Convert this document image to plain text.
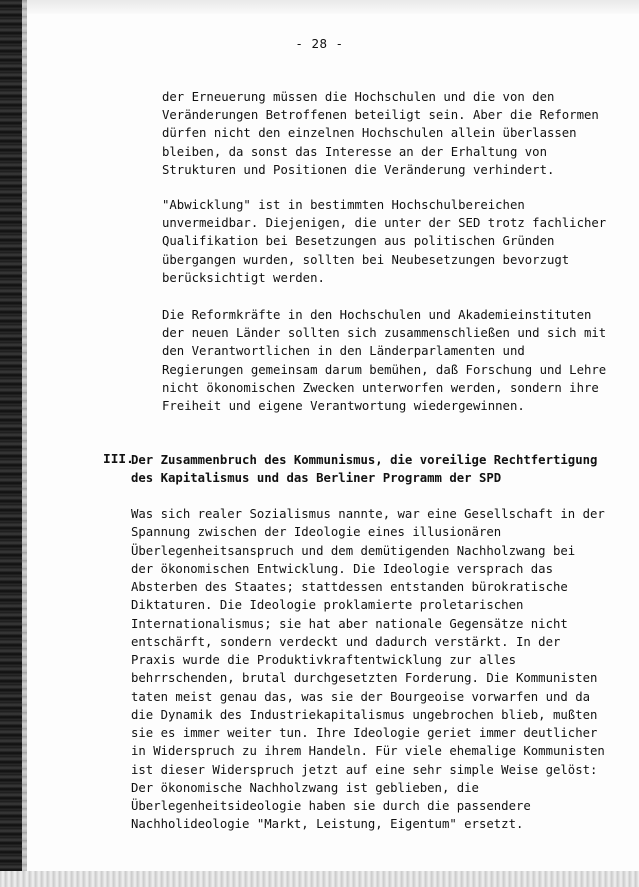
- 28 -
der Erneuerung müssen die Hochschulen und die von den
Veränderungen Betroffenen beteiligt sein. Aber die Reformen
dürfen nicht den einzelnen Hochschulen allein überlassen
bleiben, da sonst das Interesse an der Erhaltung von
Strukturen und Positionen die Veränderung verhindert.
"Abwicklung" ist in bestimmten Hochschulbereichen
unvermeidbar. Diejenigen, die unter der SED trotz fachlicher
Qualifikation bei Besetzungen aus politischen Gründen
übergangen wurden, sollten bei Neubesetzungen bevorzugt
berücksichtigt werden.
Die Reformkräfte in den Hochschulen und Akademieinstituten
der neuen Länder sollten sich zusammenschließen und sich mit
den Verantwortlichen in den Länderparlamenten und
Regierungen gemeinsam darum bemühen, daß Forschung und Lehre
nicht ökonomischen Zwecken unterworfen werden, sondern ihre
Freiheit und eigene Verantwortung wiedergewinnen.
III.
Der Zusammenbruch des Kommunismus, die voreilige Rechtfertigung
des Kapitalismus und das Berliner Programm der SPD
Was sich realer Sozialismus nannte, war eine Gesellschaft in der
Spannung zwischen der Ideologie eines illusionären
Überlegenheitsanspruch und dem demütigenden Nachholzwang bei
der ökonomischen Entwicklung. Die Ideologie versprach das
Absterben des Staates; stattdessen entstanden bürokratische
Diktaturen. Die Ideologie proklamierte proletarischen
Internationalismus; sie hat aber nationale Gegensätze nicht
entschärft, sondern verdeckt und dadurch verstärkt. In der
Praxis wurde die Produktivkraftentwicklung zur alles
behrrschenden, brutal durchgesetzten Forderung. Die Kommunisten
taten meist genau das, was sie der Bourgeoise vorwarfen und da
die Dynamik des Industriekapitalismus ungebrochen blieb, mußten
sie es immer weiter tun. Ihre Ideologie geriet immer deutlicher
in Widerspruch zu ihrem Handeln. Für viele ehemalige Kommunisten
ist dieser Widerspruch jetzt auf eine sehr simple Weise gelöst:
Der ökonomische Nachholzwang ist geblieben, die
Überlegenheitsideologie haben sie durch die passendere
Nachholideologie "Markt, Leistung, Eigentum" ersetzt.
